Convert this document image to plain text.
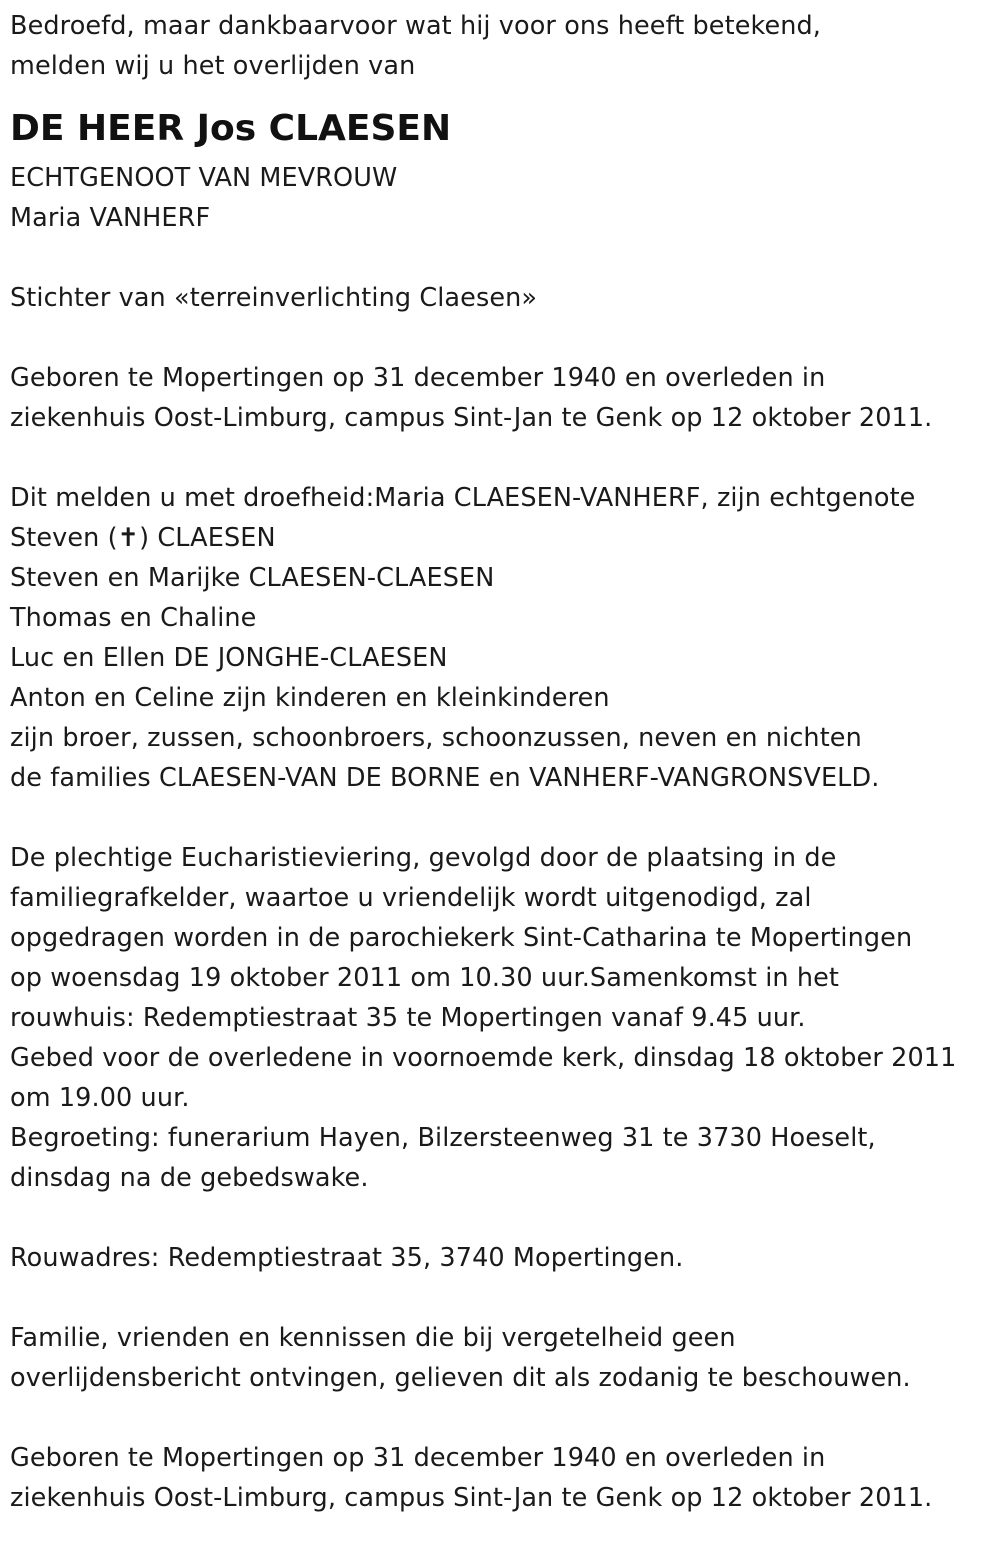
Bedroefd, maar dankbaarvoor wat hij voor ons heeft betekend,
melden wij u het overlijden van
DE HEER Jos CLAESEN
ECHTGENOOT VAN MEVROUW
Maria VANHERF
Stichter van «terreinverlichting Claesen»
Geboren te Mopertingen op 31 december 1940 en overleden in
ziekenhuis Oost-Limburg, campus Sint-Jan te Genk op 12 oktober 2011.
Dit melden u met droefheid:Maria CLAESEN-VANHERF, zijn echtgenote
Steven (✝) CLAESEN
Steven en Marijke CLAESEN-CLAESEN
Thomas en Chaline
Luc en Ellen DE JONGHE-CLAESEN
Anton en Celine zijn kinderen en kleinkinderen
zijn broer, zussen, schoonbroers, schoonzussen, neven en nichten
de families CLAESEN-VAN DE BORNE en VANHERF-VANGRONSVELD.
De plechtige Eucharistieviering, gevolgd door de plaatsing in de
familiegrafkelder, waartoe u vriendelijk wordt uitgenodigd, zal
opgedragen worden in de parochiekerk Sint-Catharina te Mopertingen
op woensdag 19 oktober 2011 om 10.30 uur.Samenkomst in het
rouwhuis: Redemptiestraat 35 te Mopertingen vanaf 9.45 uur.
Gebed voor de overledene in voornoemde kerk, dinsdag 18 oktober 2011
om 19.00 uur.
Begroeting: funerarium Hayen, Bilzersteenweg 31 te 3730 Hoeselt,
dinsdag na de gebedswake.
Rouwadres: Redemptiestraat 35, 3740 Mopertingen.
Familie, vrienden en kennissen die bij vergetelheid geen
overlijdensbericht ontvingen, gelieven dit als zodanig te beschouwen.
Geboren te Mopertingen op 31 december 1940 en overleden in
ziekenhuis Oost-Limburg, campus Sint-Jan te Genk op 12 oktober 2011.
